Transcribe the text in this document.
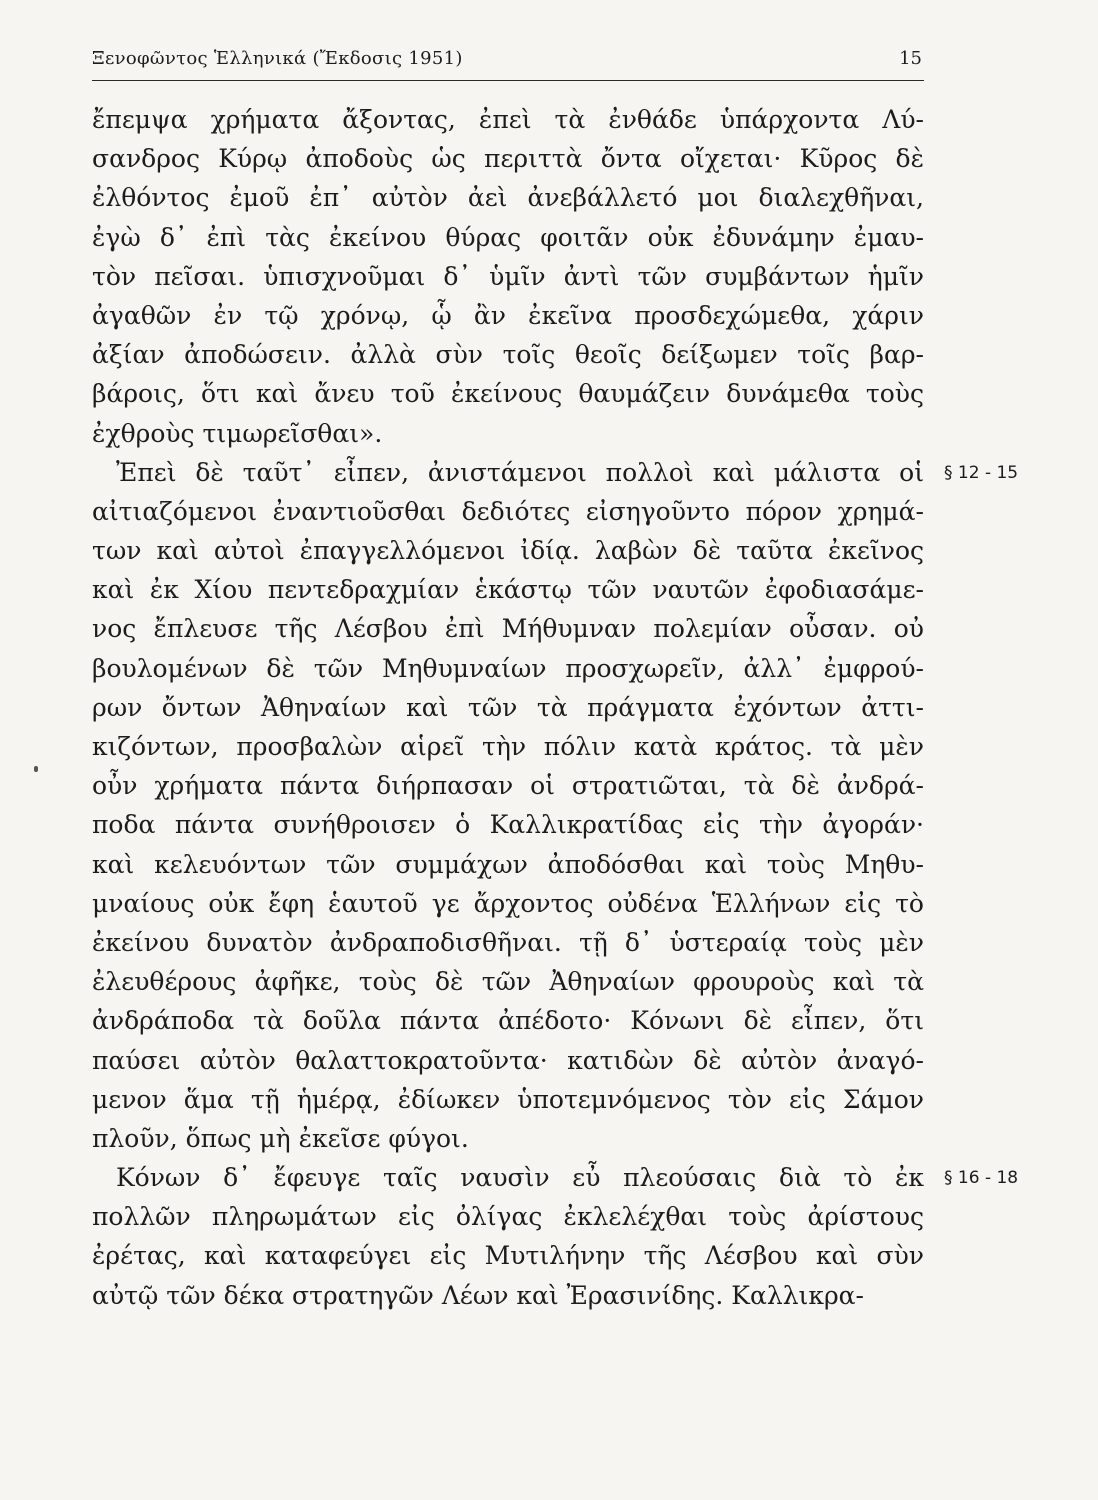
Ξενοφῶντος Ἑλληνικά (Ἔκδοσις 1951)	15
ἔπεμψα χρήματα ἄξοντας, ἐπεὶ τὰ ἐνθάδε ὑπάρχοντα Λύ-
σανδρος Κύρῳ ἀποδοὺς ὡς περιττὰ ὄντα οἴχεται· Κῦρος δὲ
ἐλθόντος ἐμοῦ ἐπ᾽ αὐτὸν ἀεὶ ἀνεβάλλετό μοι διαλεχθῆναι,
ἐγὼ δ᾽ ἐπὶ τὰς ἐκείνου θύρας φοιτᾶν οὐκ ἐδυνάμην ἐμαυ-
τὸν πεῖσαι. ὑπισχνοῦμαι δ᾽ ὑμῖν ἀντὶ τῶν συμβάντων ἡμῖν
ἀγαθῶν ἐν τῷ χρόνῳ, ᾧ ἂν ἐκεῖνα προσδεχώμεθα, χάριν
ἀξίαν ἀποδώσειν. ἀλλὰ σὺν τοῖς θεοῖς δείξωμεν τοῖς βαρ-
βάροις, ὅτι καὶ ἄνευ τοῦ ἐκείνους θαυμάζειν δυνάμεθα τοὺς
ἐχθροὺς τιμωρεῖσθαι».
Ἐπεὶ δὲ ταῦτ᾽ εἶπεν, ἀνιστάμενοι πολλοὶ καὶ μάλιστα οἱ
αἰτιαζόμενοι ἐναντιοῦσθαι δεδιότες εἰσηγοῦντο πόρον χρημά-
των καὶ αὐτοὶ ἐπαγγελλόμενοι ἰδίᾳ. λαβὼν δὲ ταῦτα ἐκεῖνος
καὶ ἐκ Χίου πεντεδραχμίαν ἑκάστῳ τῶν ναυτῶν ἐφοδιασάμε-
νος ἔπλευσε τῆς Λέσβου ἐπὶ Μήθυμναν πολεμίαν οὖσαν. οὐ
βουλομένων δὲ τῶν Μηθυμναίων προσχωρεῖν, ἀλλ᾽ ἐμφρού-
ρων ὄντων Ἀθηναίων καὶ τῶν τὰ πράγματα ἐχόντων ἀττι-
κιζόντων, προσβαλὼν αἱρεῖ τὴν πόλιν κατὰ κράτος. τὰ μὲν
οὖν χρήματα πάντα διήρπασαν οἱ στρατιῶται, τὰ δὲ ἀνδρά-
ποδα πάντα συνήθροισεν ὁ Καλλικρατίδας εἰς τὴν ἀγοράν·
καὶ κελευόντων τῶν συμμάχων ἀποδόσθαι καὶ τοὺς Μηθυ-
μναίους οὐκ ἔφη ἑαυτοῦ γε ἄρχοντος οὐδένα Ἑλλήνων εἰς τὸ
ἐκείνου δυνατὸν ἀνδραποδισθῆναι. τῇ δ᾽ ὑστεραίᾳ τοὺς μὲν
ἐλευθέρους ἀφῆκε, τοὺς δὲ τῶν Ἀθηναίων φρουροὺς καὶ τὰ
ἀνδράποδα τὰ δοῦλα πάντα ἀπέδοτο· Κόνωνι δὲ εἶπεν, ὅτι
παύσει αὐτὸν θαλαττοκρατοῦντα· κατιδὼν δὲ αὐτὸν ἀναγό-
μενον ἅμα τῇ ἡμέρᾳ, ἐδίωκεν ὑποτεμνόμενος τὸν εἰς Σάμον
πλοῦν, ὅπως μὴ ἐκεῖσε φύγοι.
Κόνων δ᾽ ἔφευγε ταῖς ναυσὶν εὖ πλεούσαις διὰ τὸ ἐκ
πολλῶν πληρωμάτων εἰς ὀλίγας ἐκλελέχθαι τοὺς ἀρίστους
ἐρέτας, καὶ καταφεύγει εἰς Μυτιλήνην τῆς Λέσβου καὶ σὺν
αὐτῷ τῶν δέκα στρατηγῶν Λέων καὶ Ἐρασινίδης. Καλλικρα-
§ 12 - 15
§ 16 - 18
